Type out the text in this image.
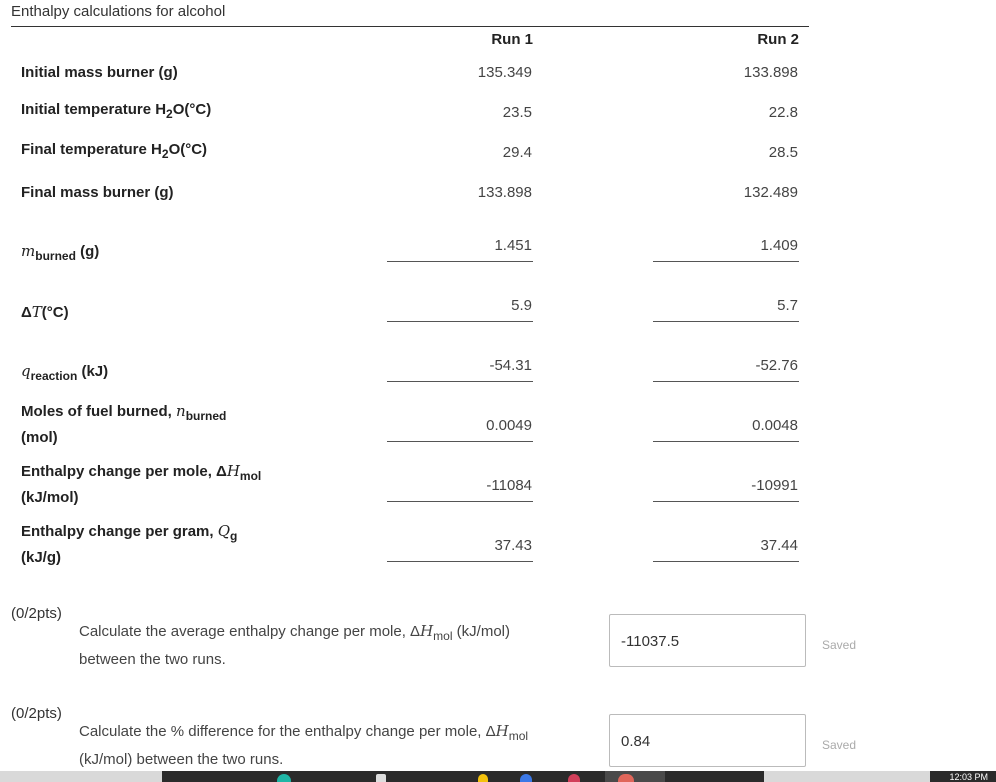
Enthalpy calculations for alcohol
Run 1	Run 2
Initial mass burner (g)	135.349	133.898
Initial temperature $H_2O(^\circ C)$	23.5	22.8
Final temperature $H_2O(^\circ C)$	29.4	28.5
Final mass burner (g)	133.898	132.489
$m_{burned}$ (g)	1.451	1.409
ΔT(°C)	5.9	5.7
$q_{reaction}$ (kJ)	-54.31	-52.76
Moles of fuel burned, $n_{burned}$
(mol)
0.0049	0.0048
Enthalpy change per mole, $\Delta H_{mol}$
(kJ/mol)
-11084	-10991
Enthalpy change per gram, $Q_g$
(kJ/g)
37.43	37.44
(0/2pts)
Calculate the average enthalpy change per mole, $\Delta H_{mol}$ (kJ/mol)
between the two runs.
-11037.5	Saved
(0/2pts)
Calculate the % difference for the enthalpy change per mole, $\Delta H_{mol}$
(kJ/mol) between the two runs.
0.84	Saved
12:03 PM
